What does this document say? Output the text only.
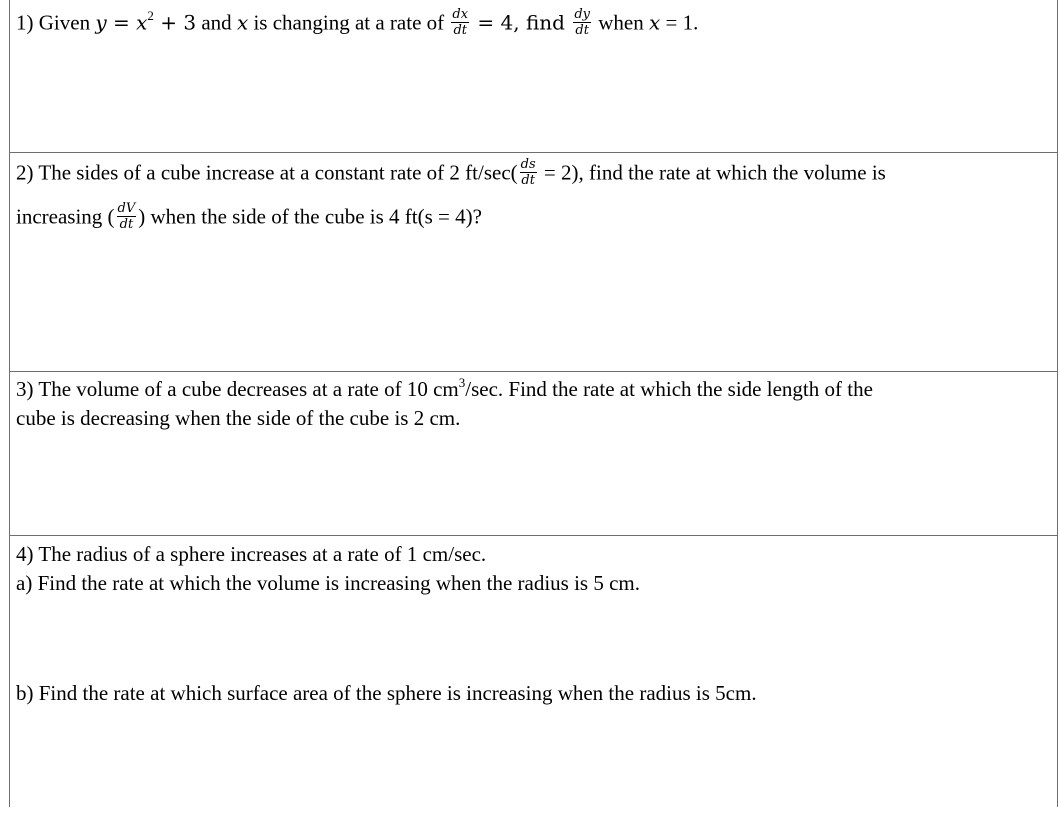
1) Given $y = x^2 + 3$ and x is changing at a rate of $\frac{dx}{dt} = 4$, find $\frac{dy}{dt}$ when x = 1.
2) The sides of a cube increase at a constant rate of 2 $ft/\sec( \frac{ds}{dt} = 2)$, find the rate at which the volume is
increasing ( $\frac{dV}{dt}$ ) when the side of the cube is 4 ft(s = 4)?
3) The volume of a cube decreases at a rate of 10 $cm^3/\sec$. Find the rate at which the side length of the
cube is decreasing when the side of the cube is 2 cm.
4) The radius of a sphere increases at a rate of 1 cm/sec.
a) Find the rate at which the volume is increasing when the radius is 5 cm.
b) Find the rate at which surface area of the sphere is increasing when the radius is 5cm.
